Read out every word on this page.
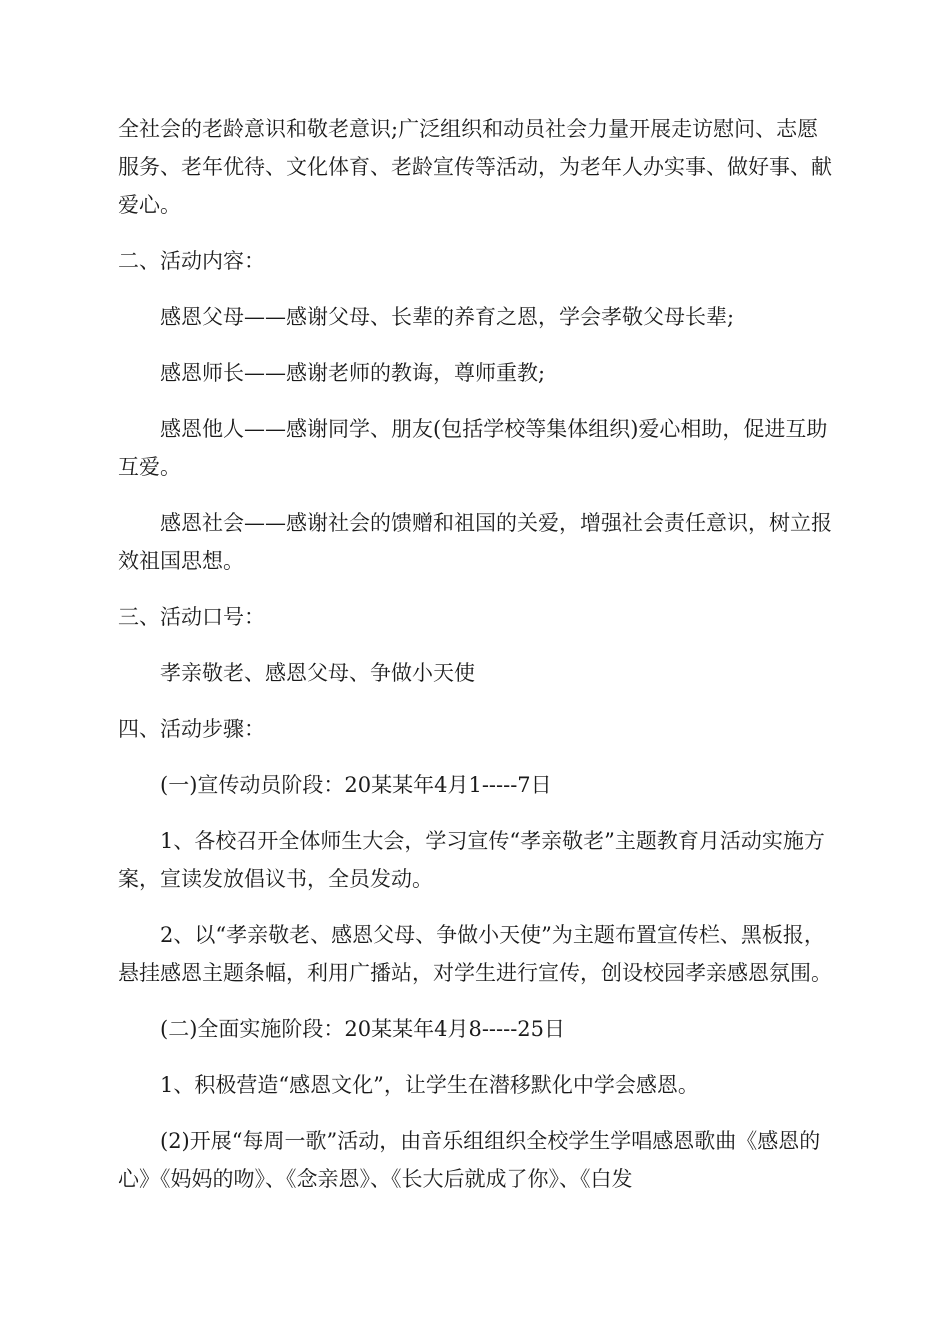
全社会的老龄意识和敬老意识;广泛组织和动员社会力量开展走访慰问、志愿服务、老年优待、文化体育、老龄宣传等活动，为老年人办实事、做好事、献爱心。

二、活动内容：

感恩父母——感谢父母、长辈的养育之恩，学会孝敬父母长辈;

感恩师长——感谢老师的教诲，尊师重教;

感恩他人——感谢同学、朋友(包括学校等集体组织)爱心相助，促进互助互爱。

感恩社会——感谢社会的馈赠和祖国的关爱，增强社会责任意识，树立报效祖国思想。

三、活动口号：

孝亲敬老、感恩父母、争做小天使

四、活动步骤：

(一)宣传动员阶段：20某某年4月1-----7日

1、各校召开全体师生大会，学习宣传“孝亲敬老”主题教育月活动实施方案，宣读发放倡议书，全员发动。

2、以“孝亲敬老、感恩父母、争做小天使”为主题布置宣传栏、黑板报，悬挂感恩主题条幅，利用广播站，对学生进行宣传，创设校园孝亲感恩氛围。

(二)全面实施阶段：20某某年4月8-----25日

1、积极营造“感恩文化”，让学生在潜移默化中学会感恩。

(2)开展“每周一歌”活动，由音乐组组织全校学生学唱感恩歌曲《感恩的心》《妈妈的吻》、《念亲恩》、《长大后就成了你》、《白发
